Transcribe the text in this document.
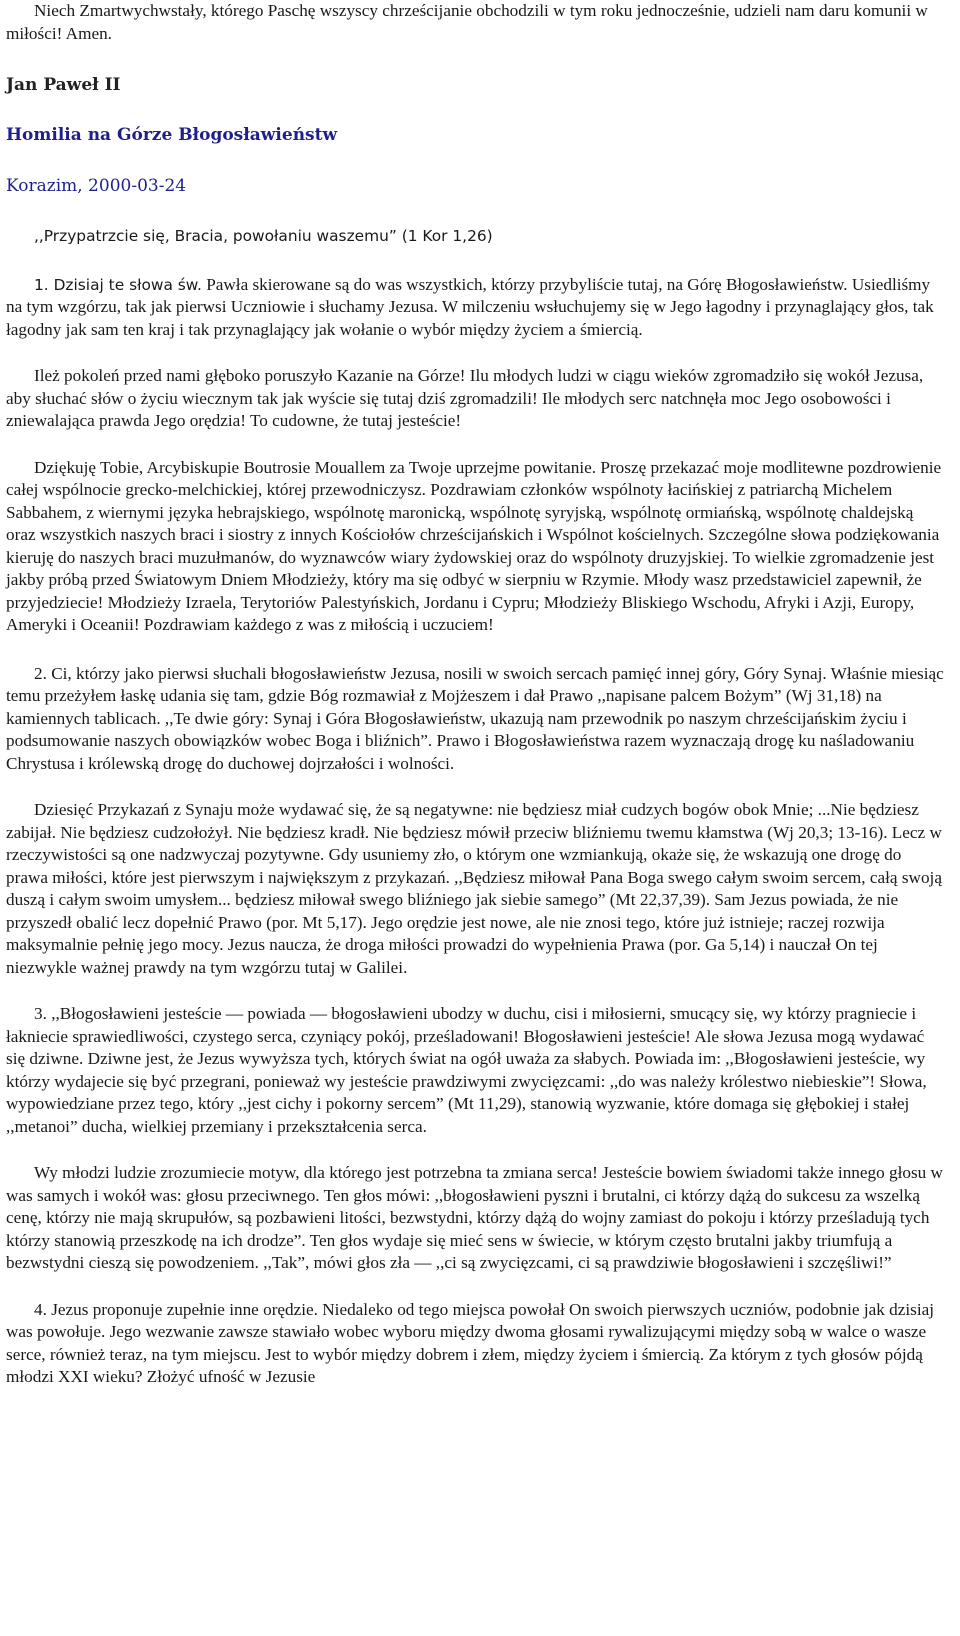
Niech Zmartwychwstały, którego Paschę wszyscy chrześcijanie obchodzili w tym roku jednocześnie, udzieli nam daru komunii w miłości! Amen.

Jan Paweł II

Homilia na Górze Błogosławieństw

Korazim, 2000-03-24

,,Przypatrzcie się, Bracia, powołaniu waszemu” (1 Kor 1,26)

1. Dzisiaj te słowa św. Pawła skierowane są do was wszystkich, którzy przybyliście tutaj, na Górę Błogosławieństw. Usiedliśmy na tym wzgórzu, tak jak pierwsi Uczniowie i słuchamy Jezusa. W milczeniu wsłuchujemy się w Jego łagodny i przynaglający głos, tak łagodny jak sam ten kraj i tak przynaglający jak wołanie o wybór między życiem a śmiercią.

Ileż pokoleń przed nami głęboko poruszyło Kazanie na Górze! Ilu młodych ludzi w ciągu wieków zgromadziło się wokół Jezusa, aby słuchać słów o życiu wiecznym tak jak wyście się tutaj dziś zgromadzili! Ile młodych serc natchnęła moc Jego osobowości i zniewalająca prawda Jego orędzia! To cudowne, że tutaj jesteście!

Dziękuję Tobie, Arcybiskupie Boutrosie Mouallem za Twoje uprzejme powitanie. Proszę przekazać moje modlitewne pozdrowienie całej wspólnocie grecko-melchickiej, której przewodniczysz. Pozdrawiam członków wspólnoty łacińskiej z patriarchą Michelem Sabbahem, z wiernymi języka hebrajskiego, wspólnotę maronicką, wspólnotę syryjską, wspólnotę ormiańską, wspólnotę chaldejską oraz wszystkich naszych braci i siostry z innych Kościołów chrześcijańskich i Wspólnot kościelnych. Szczególne słowa podziękowania kieruję do naszych braci muzułmanów, do wyznawców wiary żydowskiej oraz do wspólnoty druzyjskiej. To wielkie zgromadzenie jest jakby próbą przed Światowym Dniem Młodzieży, który ma się odbyć w sierpniu w Rzymie. Młody wasz przedstawiciel zapewnił, że przyjedziecie! Młodzieży Izraela, Terytoriów Palestyńskich, Jordanu i Cypru; Młodzieży Bliskiego Wschodu, Afryki i Azji, Europy, Ameryki i Oceanii! Pozdrawiam każdego z was z miłością i uczuciem!

2. Ci, którzy jako pierwsi słuchali błogosławieństw Jezusa, nosili w swoich sercach pamięć innej góry, Góry Synaj. Właśnie miesiąc temu przeżyłem łaskę udania się tam, gdzie Bóg rozmawiał z Mojżeszem i dał Prawo ,,napisane palcem Bożym” (Wj 31,18) na kamiennych tablicach. ,,Te dwie góry: Synaj i Góra Błogosławieństw, ukazują nam przewodnik po naszym chrześcijańskim życiu i podsumowanie naszych obowiązków wobec Boga i bliźnich”. Prawo i Błogosławieństwa razem wyznaczają drogę ku naśladowaniu Chrystusa i królewską drogę do duchowej dojrzałości i wolności.

Dziesięć Przykazań z Synaju może wydawać się, że są negatywne: nie będziesz miał cudzych bogów obok Mnie; ...Nie będziesz zabijał. Nie będziesz cudzołożył. Nie będziesz kradł. Nie będziesz mówił przeciw bliźniemu twemu kłamstwa (Wj 20,3; 13-16). Lecz w rzeczywistości są one nadzwyczaj pozytywne. Gdy usuniemy zło, o którym one wzmiankują, okaże się, że wskazują one drogę do prawa miłości, które jest pierwszym i największym z przykazań. ,,Będziesz miłował Pana Boga swego całym swoim sercem, całą swoją duszą i całym swoim umysłem... będziesz miłował swego bliźniego jak siebie samego” (Mt 22,37,39). Sam Jezus powiada, że nie przyszedł obalić lecz dopełnić Prawo (por. Mt 5,17). Jego orędzie jest nowe, ale nie znosi tego, które już istnieje; raczej rozwija maksymalnie pełnię jego mocy. Jezus naucza, że droga miłości prowadzi do wypełnienia Prawa (por. Ga 5,14) i nauczał On tej niezwykle ważnej prawdy na tym wzgórzu tutaj w Galilei.

3. ,,Błogosławieni jesteście — powiada — błogosławieni ubodzy w duchu, cisi i miłosierni, smucący się, wy którzy pragniecie i łakniecie sprawiedliwości, czystego serca, czyniący pokój, prześladowani! Błogosławieni jesteście! Ale słowa Jezusa mogą wydawać się dziwne. Dziwne jest, że Jezus wywyższa tych, których świat na ogół uważa za słabych. Powiada im: ,,Błogosławieni jesteście, wy którzy wydajecie się być przegrani, ponieważ wy jesteście prawdziwymi zwycięzcami: ,,do was należy królestwo niebieskie”! Słowa, wypowiedziane przez tego, który ,,jest cichy i pokorny sercem” (Mt 11,29), stanowią wyzwanie, które domaga się głębokiej i stałej ,,metanoi” ducha, wielkiej przemiany i przekształcenia serca.

Wy młodzi ludzie zrozumiecie motyw, dla którego jest potrzebna ta zmiana serca! Jesteście bowiem świadomi także innego głosu w was samych i wokół was: głosu przeciwnego. Ten głos mówi: ,,błogosławieni pyszni i brutalni, ci którzy dążą do sukcesu za wszelką cenę, którzy nie mają skrupułów, są pozbawieni litości, bezwstydni, którzy dążą do wojny zamiast do pokoju i którzy prześladują tych którzy stanowią przeszkodę na ich drodze”. Ten głos wydaje się mieć sens w świecie, w którym często brutalni jakby triumfują a bezwstydni cieszą się powodzeniem. ,,Tak”, mówi głos zła — ,,ci są zwycięzcami, ci są prawdziwie błogosławieni i szczęśliwi!”

4. Jezus proponuje zupełnie inne orędzie. Niedaleko od tego miejsca powołał On swoich pierwszych uczniów, podobnie jak dzisiaj was powołuje. Jego wezwanie zawsze stawiało wobec wyboru między dwoma głosami rywalizującymi między sobą w walce o wasze serce, również teraz, na tym miejscu. Jest to wybór między dobrem i złem, między życiem i śmiercią. Za którym z tych głosów pójdą młodzi XXI wieku? Złożyć ufność w Jezusie
